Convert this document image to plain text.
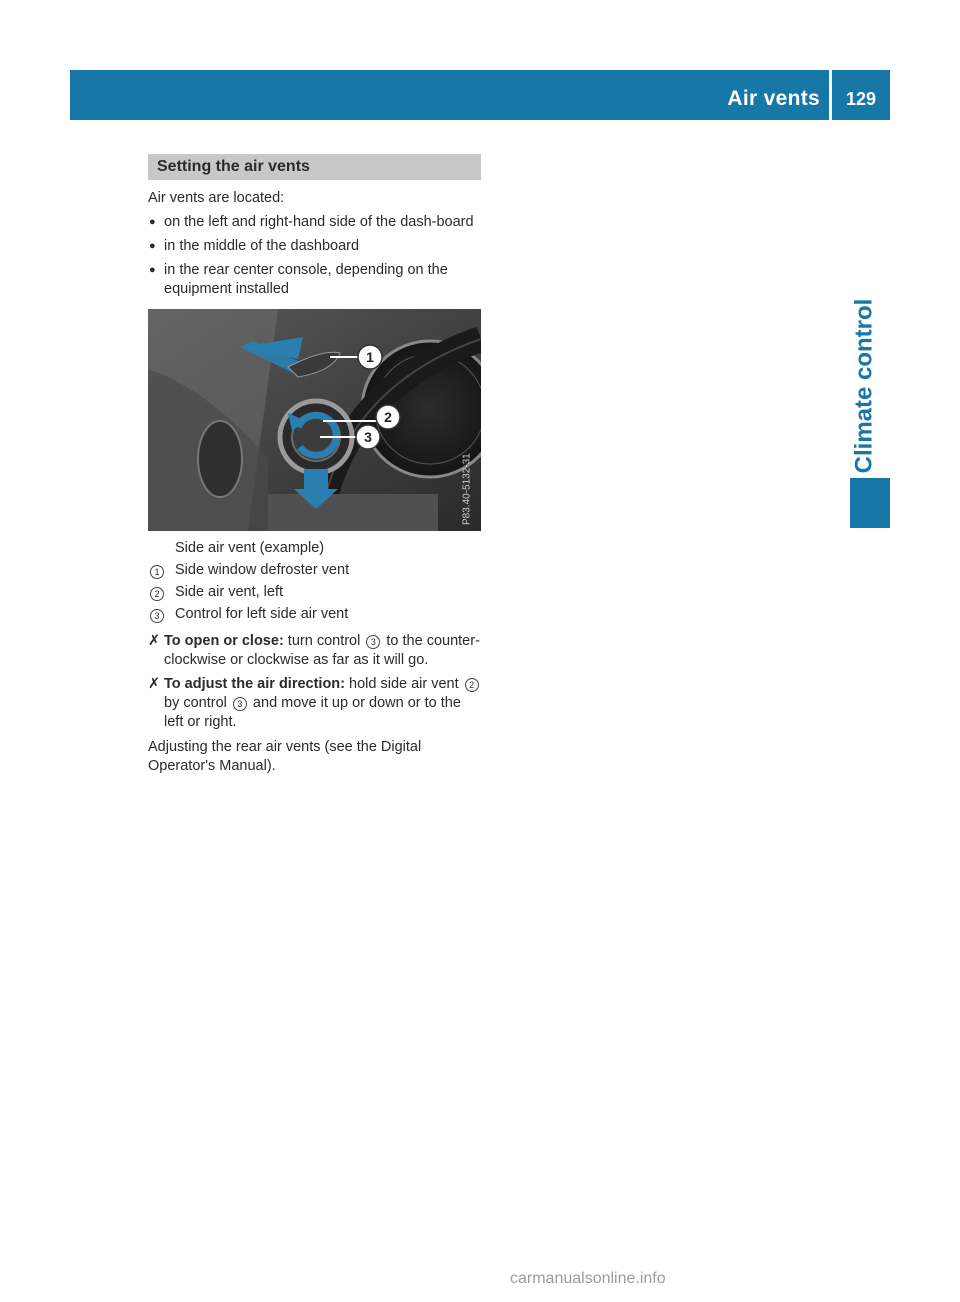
Air vents	129
Climate control
Setting the air vents

Air vents are located:

● on the left and right-hand side of the dash-board
● in the middle of the dashboard
● in the rear center console, depending on the equipment installed
1
2
3
P83.40-5132-31
Side air vent (example)
1	Side window defroster vent
2	Side air vent, left
3	Control for left side air vent
✗ To open or close: turn control 3 to the counter-clockwise or clockwise as far as it will go.
✗ To adjust the air direction: hold side air vent 2 by control 3 and move it up or down or to the left or right.

Adjusting the rear air vents (see the Digital Operator's Manual).

carmanualsonline.info
